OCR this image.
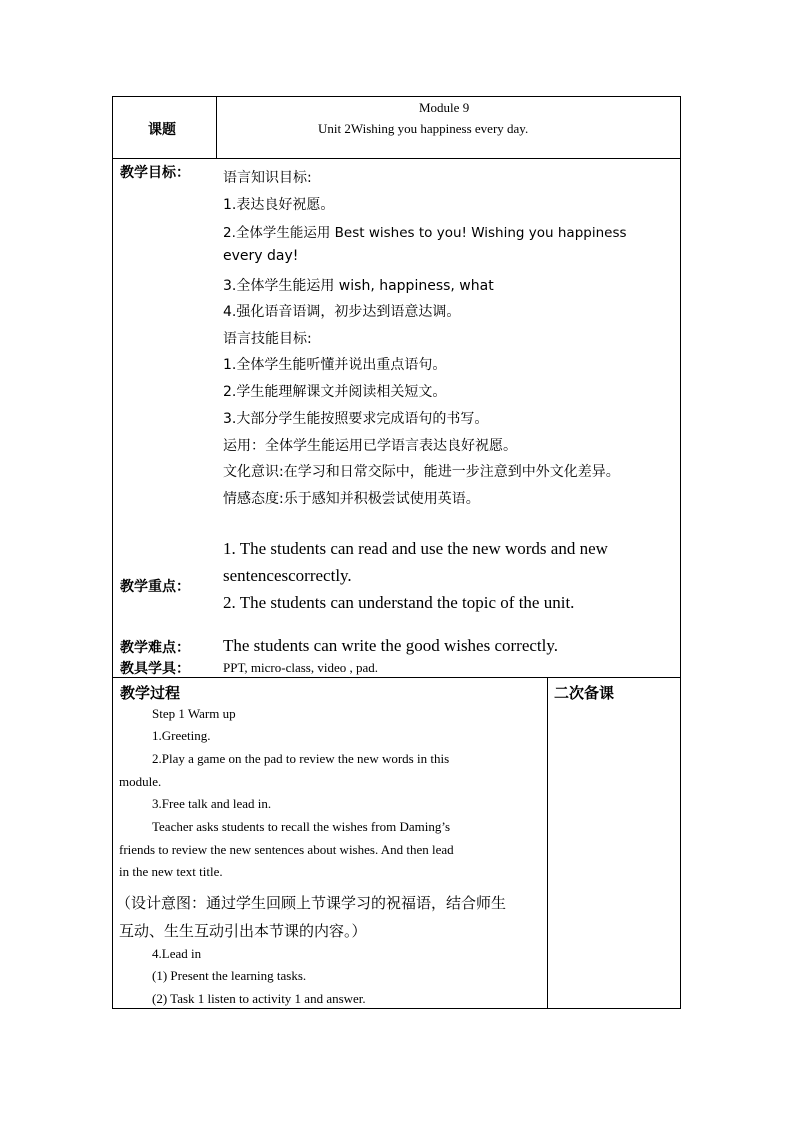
课题
Module 9
Unit 2Wishing you happiness every day.
教学目标： 语言知识目标:
1.表达良好祝愿。
2.全体学生能运用 Best wishes to you! Wishing you happiness
every day!
3.全体学生能运用 wish, happiness, what
4.强化语音语调，初步达到语意达调。
语言技能目标:
1.全体学生能听懂并说出重点语句。
2.学生能理解课文并阅读相关短文。
3.大部分学生能按照要求完成语句的书写。
运用：全体学生能运用已学语言表达良好祝愿。
文化意识:在学习和日常交际中，能进一步注意到中外文化差异。
情感态度:乐于感知并积极尝试使用英语。
1. The students can read and use the new words and new
sentencescorrectly.
教学重点：
2. The students can understand the topic of the unit.
教学难点： The students can write the good wishes correctly.
教具学具：	PPT, micro-class, video , pad.
教学过程	二次备课
Step 1 Warm up
1.Greeting.
2.Play a game on the pad to review the new words in this
module.
3.Free talk and lead in.
Teacher asks students to recall the wishes from Daming’s
friends to review the new sentences about wishes. And then lead
in the new text title.
（设计意图：通过学生回顾上节课学习的祝福语，结合师生
互动、生生互动引出本节课的内容。）
4.Lead in
(1) Present the learning tasks.
(2) Task 1 listen to activity 1 and answer.
